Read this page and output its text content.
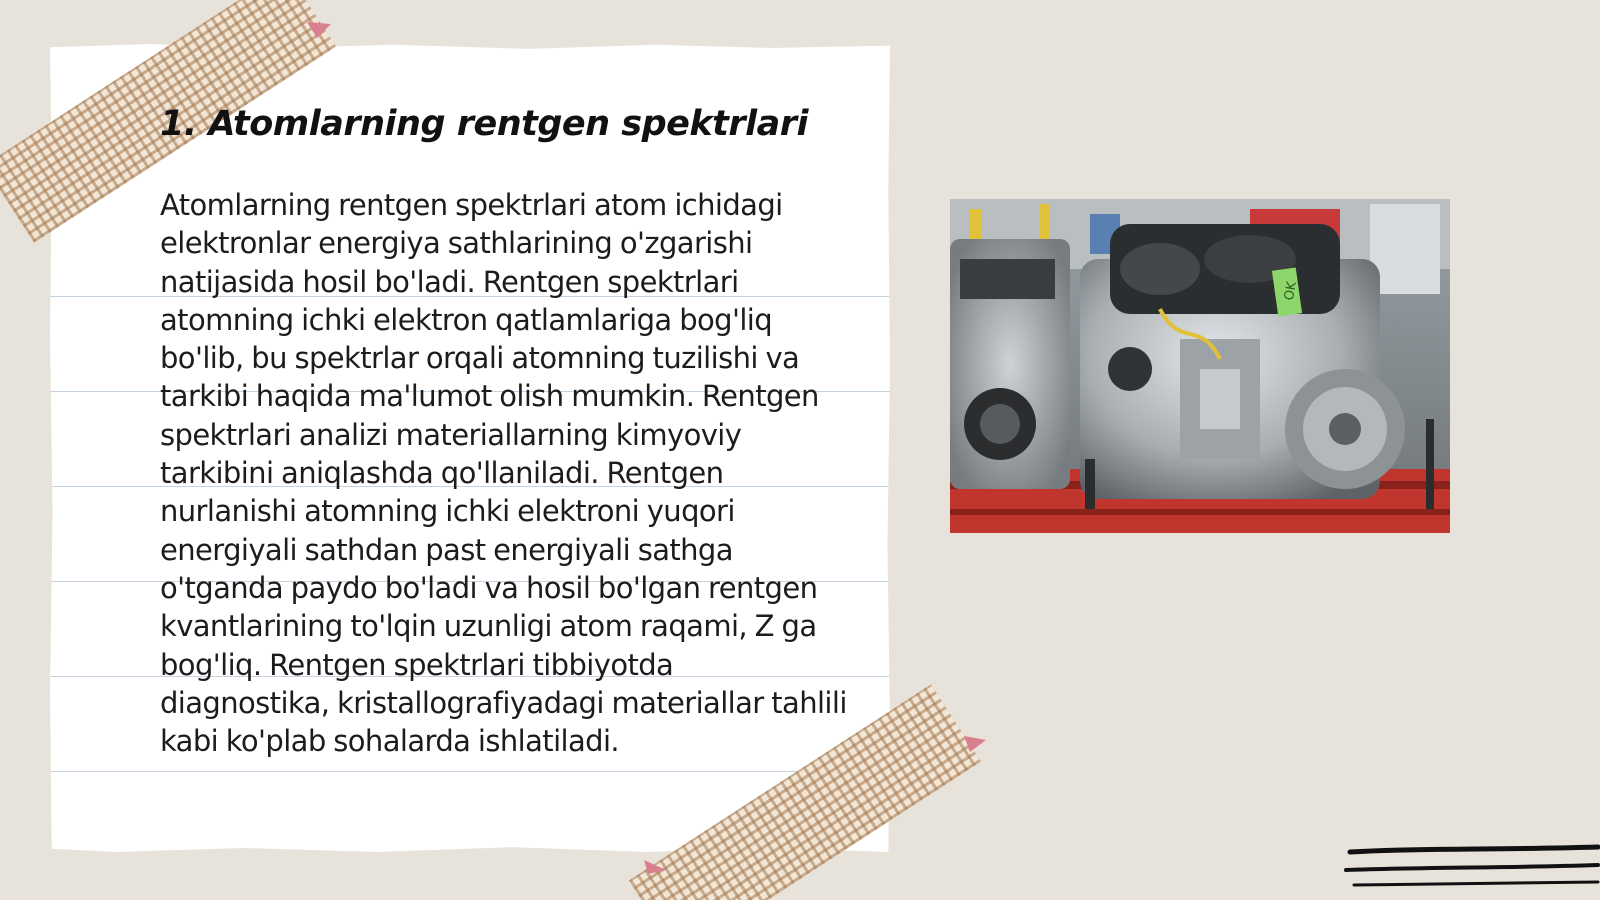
1. Atomlarning rentgen spektrlari

Atomlarning rentgen spektrlari atom ichidagi elektronlar energiya sathlarining o'zgarishi natijasida hosil bo'ladi. Rentgen spektrlari atomning ichki elektron qatlamlariga bog'liq bo'lib, bu spektrlar orqali atomning tuzilishi va tarkibi haqida ma'lumot olish mumkin. Rentgen spektrlari analizi materiallarning kimyoviy tarkibini aniqlashda qo'llaniladi. Rentgen nurlanishi atomning ichki elektroni yuqori energiyali sathdan past energiyali sathga o'tganda paydo bo'ladi va hosil bo'lgan rentgen kvantlarining to'lqin uzunligi atom raqami, Z ga bog'liq. Rentgen spektrlari tibbiyotda diagnostika, kristallografiyadagi materiallar tahlili kabi ko'plab sohalarda ishlatiladi.

OK
